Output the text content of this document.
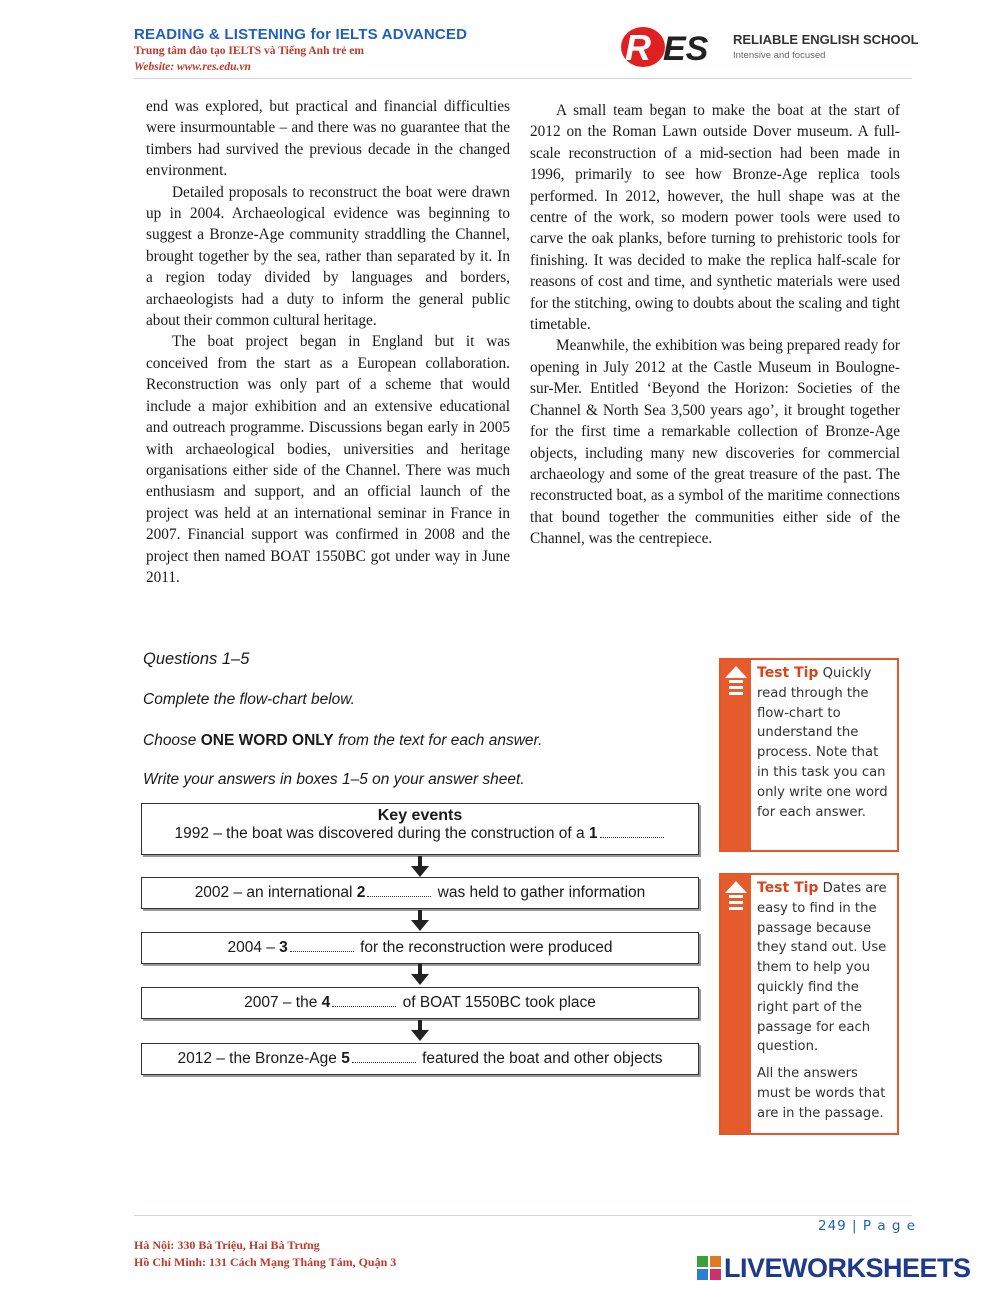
READING & LISTENING for IELTS ADVANCED
Trung tâm đào tạo IELTS và Tiếng Anh trẻ em
Website: www.res.edu.vn	R ES RELIABLE ENGLISH SCHOOL
Intensive and focused

end was explored, but practical and financial difficulties were insurmountable – and there was no guarantee that the timbers had survived the previous decade in the changed environment.

Detailed proposals to reconstruct the boat were drawn up in 2004. Archaeological evidence was beginning to suggest a Bronze-Age community straddling the Channel, brought together by the sea, rather than separated by it. In a region today divided by languages and borders, archaeologists had a duty to inform the general public about their common cultural heritage.

The boat project began in England but it was conceived from the start as a European collaboration. Reconstruction was only part of a scheme that would include a major exhibition and an extensive educational and outreach programme. Discussions began early in 2005 with archaeological bodies, universities and heritage organisations either side of the Channel. There was much enthusiasm and support, and an official launch of the project was held at an international seminar in France in 2007. Financial support was confirmed in 2008 and the project then named BOAT 1550BC got under way in June 2011.

A small team began to make the boat at the start of 2012 on the Roman Lawn outside Dover museum. A full-scale reconstruction of a mid-section had been made in 1996, primarily to see how Bronze-Age replica tools performed. In 2012, however, the hull shape was at the centre of the work, so modern power tools were used to carve the oak planks, before turning to prehistoric tools for finishing. It was decided to make the replica half-scale for reasons of cost and time, and synthetic materials were used for the stitching, owing to doubts about the scaling and tight timetable.

Meanwhile, the exhibition was being prepared ready for opening in July 2012 at the Castle Museum in Boulogne-sur-Mer. Entitled ‘Beyond the Horizon: Societies of the Channel & North Sea 3,500 years ago’, it brought together for the first time a remarkable collection of Bronze-Age objects, including many new discoveries for commercial archaeology and some of the great treasure of the past. The reconstructed boat, as a symbol of the maritime connections that bound together the communities either side of the Channel, was the centrepiece.

Questions 1–5
Complete the flow-chart below.
Choose ONE WORD ONLY from the text for each answer.
Write your answers in boxes 1–5 on your answer sheet.
Key events
1992 – the boat was discovered during the construction of a 1
2002 – an international 2	was held to gather information
2004 – 3	for the reconstruction were produced
2007 – the 4	of BOAT 1550BC took place
2012 – the Bronze-Age 5	featured the boat and other objects

Test Tip Quickly read through the flow-chart to understand the process. Note that in this task you can only write one word for each answer.

Test Tip Dates are easy to find in the passage because they stand out. Use them to help you quickly find the right part of the passage for each question.

All the answers must be words that are in the passage.

249 | P a g e
Hà Nội: 330 Bà Triệu, Hai Bà Trưng
Hồ Chí Minh: 131 Cách Mạng Tháng Tám, Quận 3	LIVEWORKSHEETS
